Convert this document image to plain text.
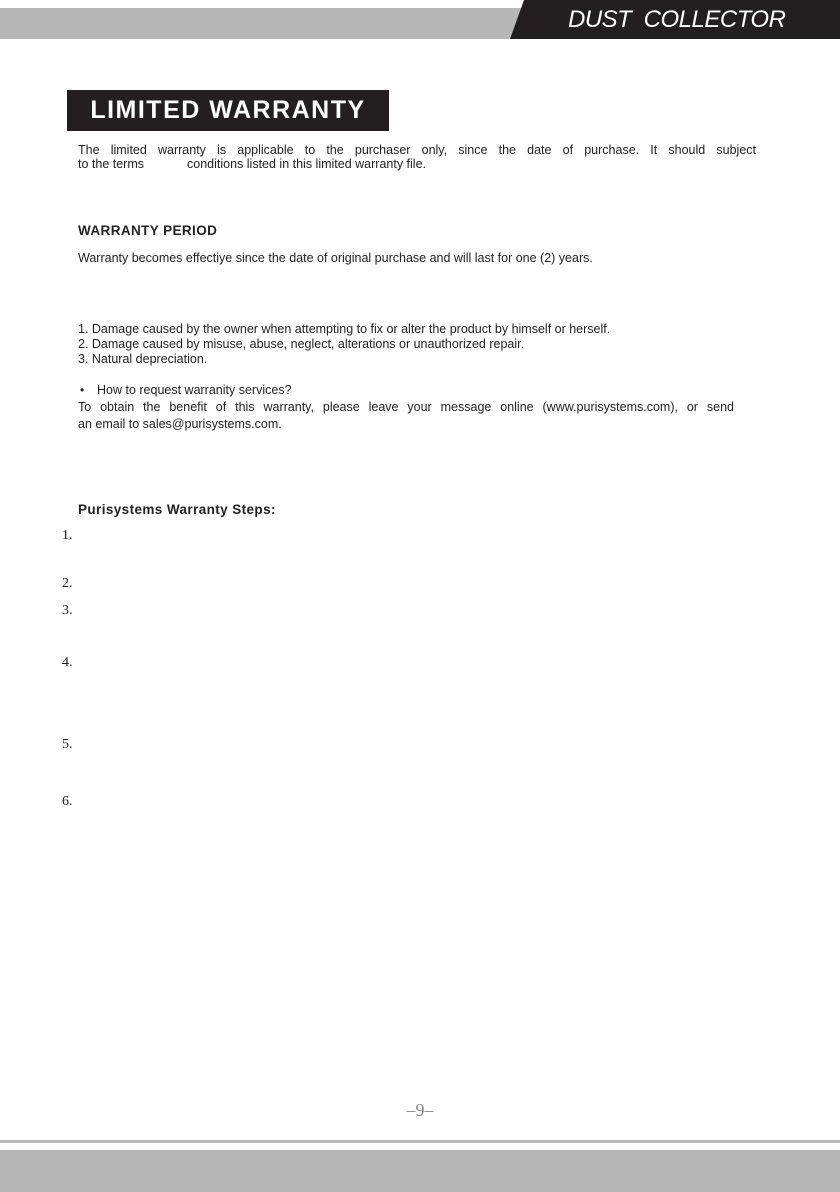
DUST  COLLECTOR
LIMITED WARRANTY
The limited warranty is applicable to the purchaser only, since the date of purchase. It should subject
to the terms	conditions listed in this limited warranty file.
WARRANTY PERIOD
Warranty becomes effectiye since the date of original purchase and will last for one (2) years.
1. Damage caused by the owner when attempting to fix or alter the product by himself or herself.
2. Damage caused by misuse, abuse, neglect, alterations or unauthorized repair.
3. Natural depreciation.
• How to request warranity services?
To obtain the benefit of this warranty, please leave your message online (www.purisystems.com), or send
an email to sales@purisystems.com.
Purisystems Warranty Steps:
1.
2.
3.
4.
5.
6.
–9–
